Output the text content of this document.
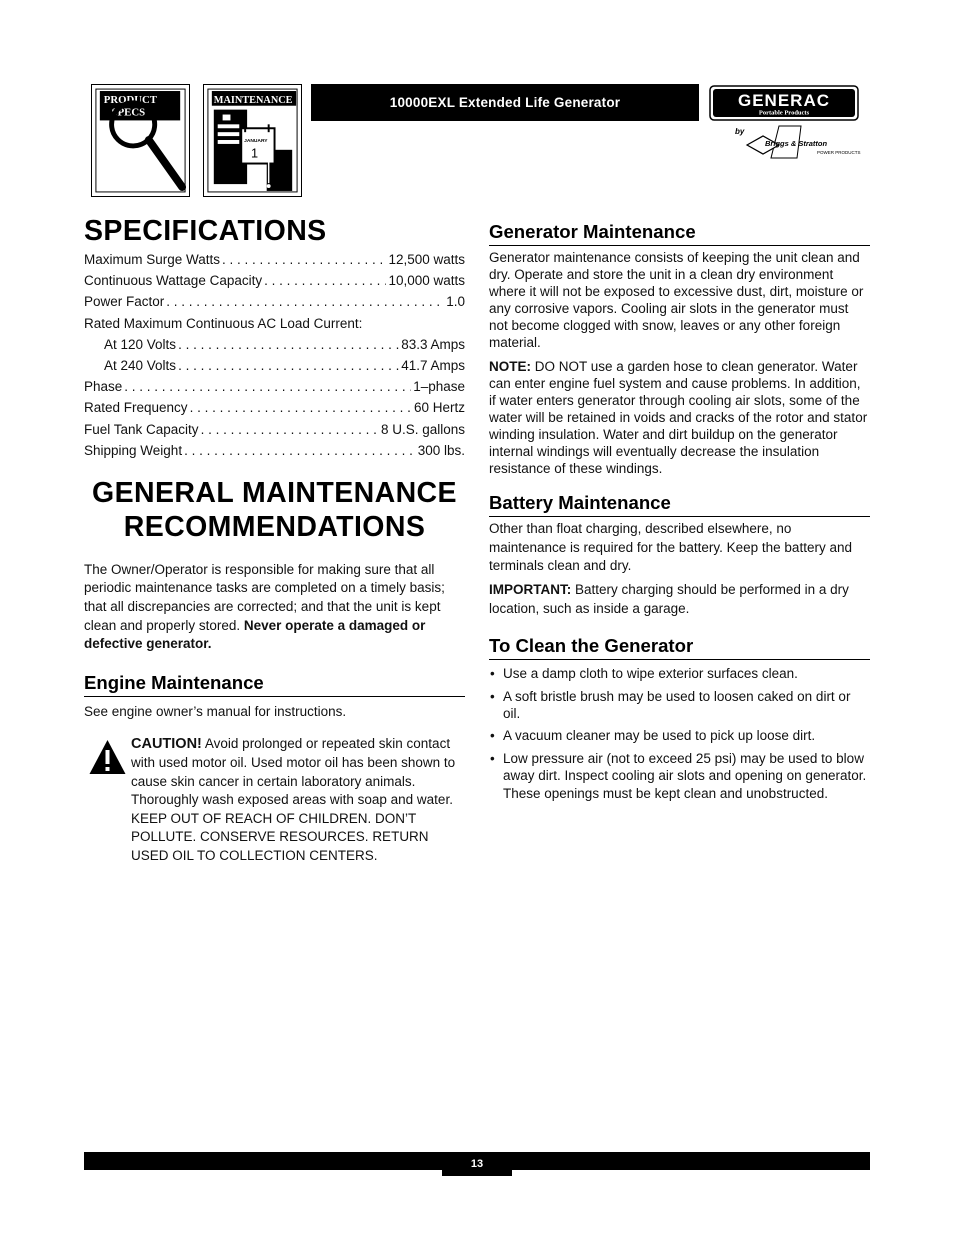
PRODUCT
SPECS
MAINTENANCE
JANUARY
1
10000EXL Extended Life Generator	GENERAC
Portable Products
by
Briggs & Stratton
POWER PRODUCTS
SPECIFICATIONS
Maximum Surge Watts . . .	12,500 watts
Continuous Wattage Capacity . . .	10,000 watts
Power Factor . . .	1.0
Rated Maximum Continuous AC Load Current:
At 120 Volts . . .	83.3 Amps
At 240 Volts . . .	41.7 Amps
Phase . . .	1–phase
Rated Frequency . . .	60 Hertz
Fuel Tank Capacity . . .	8 U.S. gallons
Shipping Weight . . .	300 lbs.
GENERAL MAINTENANCE
RECOMMENDATIONS

The Owner/Operator is responsible for making sure that all periodic maintenance tasks are completed on a timely basis; that all discrepancies are corrected; and that the unit is kept clean and properly stored. Never operate a damaged or defective generator.

Engine Maintenance

See engine owner’s manual for instructions.

CAUTION! Avoid prolonged or repeated skin contact with used motor oil. Used motor oil has been shown to cause skin cancer in certain laboratory animals. Thoroughly wash exposed areas with soap and water.
KEEP OUT OF REACH OF CHILDREN. DON’T POLLUTE. CONSERVE RESOURCES. RETURN USED OIL TO COLLECTION CENTERS.
Generator Maintenance

Generator maintenance consists of keeping the unit clean and dry. Operate and store the unit in a clean dry environment where it will not be exposed to excessive dust, dirt, moisture or any corrosive vapors. Cooling air slots in the generator must not become clogged with snow, leaves or any other foreign material.

NOTE: DO NOT use a garden hose to clean generator. Water can enter engine fuel system and cause problems. In addition, if water enters generator through cooling air slots, some of the water will be retained in voids and cracks of the rotor and stator winding insulation. Water and dirt buildup on the generator internal windings will eventually decrease the insulation resistance of these windings.

Battery Maintenance

Other than float charging, described elsewhere, no maintenance is required for the battery. Keep the battery and terminals clean and dry.

IMPORTANT: Battery charging should be performed in a dry location, such as inside a garage.

To Clean the Generator
• Use a damp cloth to wipe exterior surfaces clean.
• A soft bristle brush may be used to loosen caked on dirt or oil.
• A vacuum cleaner may be used to pick up loose dirt.
• Low pressure air (not to exceed 25 psi) may be used to blow away dirt. Inspect cooling air slots and opening on generator. These openings must be kept clean and unobstructed.
13
